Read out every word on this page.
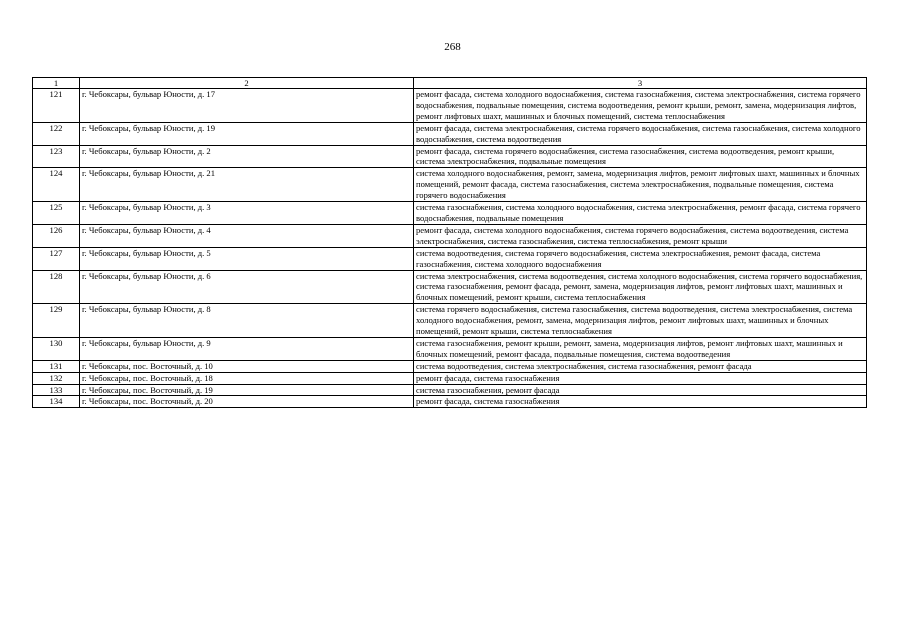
268
1	2	3
121	г. Чебоксары, бульвар Юности, д. 17	ремонт фасада, система холодного водоснабжения, система газоснабжения, система электроснабжения, система горячего водоснабжения, подвальные помещения, система водоотведения, ремонт крыши, ремонт, замена, модернизация лифтов, ремонт лифтовых шахт, машинных и блочных помещений, система теплоснабжения
122	г. Чебоксары, бульвар Юности, д. 19	ремонт фасада, система электроснабжения, система горячего водоснабжения, система газоснабжения, система холодного водоснабжения, система водоотведения
123	г. Чебоксары, бульвар Юности, д. 2	ремонт фасада, система горячего водоснабжения, система газоснабжения, система водоотведения, ремонт крыши, система электроснабжения, подвальные помещения
124	г. Чебоксары, бульвар Юности, д. 21	система холодного водоснабжения, ремонт, замена, модернизация лифтов, ремонт лифтовых шахт, машинных и блочных помещений, ремонт фасада, система газоснабжения, система электроснабжения, подвальные помещения, система горячего водоснабжения
125	г. Чебоксары, бульвар Юности, д. 3	система газоснабжения, система холодного водоснабжения, система электроснабжения, ремонт фасада, система горячего водоснабжения, подвальные помещения
126	г. Чебоксары, бульвар Юности, д. 4	ремонт фасада, система холодного водоснабжения, система горячего водоснабжения, система водоотведения, система электроснабжения, система газоснабжения, система теплоснабжения, ремонт крыши
127	г. Чебоксары, бульвар Юности, д. 5	система водоотведения, система горячего водоснабжения, система электроснабжения, ремонт фасада, система газоснабжения, система холодного водоснабжения
128	г. Чебоксары, бульвар Юности, д. 6	система электроснабжения, система водоотведения, система холодного водоснабжения, система горячего водоснабжения, система газоснабжения, ремонт фасада, ремонт, замена, модернизация лифтов, ремонт лифтовых шахт, машинных и блочных помещений, ремонт крыши, система теплоснабжения
129	г. Чебоксары, бульвар Юности, д. 8	система горячего водоснабжения, система газоснабжения, система водоотведения, система электроснабжения, система холодного водоснабжения, ремонт, замена, модернизация лифтов, ремонт лифтовых шахт, машинных и блочных помещений, ремонт крыши, система теплоснабжения
130	г. Чебоксары, бульвар Юности, д. 9	система газоснабжения, ремонт крыши, ремонт, замена, модернизация лифтов, ремонт лифтовых шахт, машинных и блочных помещений, ремонт фасада, подвальные помещения, система водоотведения
131	г. Чебоксары, пос. Восточный, д. 10	система водоотведения, система электроснабжения, система газоснабжения, ремонт фасада
132	г. Чебоксары, пос. Восточный, д. 18	ремонт фасада, система газоснабжения
133	г. Чебоксары, пос. Восточный, д. 19	система газоснабжения, ремонт фасада
134	г. Чебоксары, пос. Восточный, д. 20	ремонт фасада, система газоснабжения
